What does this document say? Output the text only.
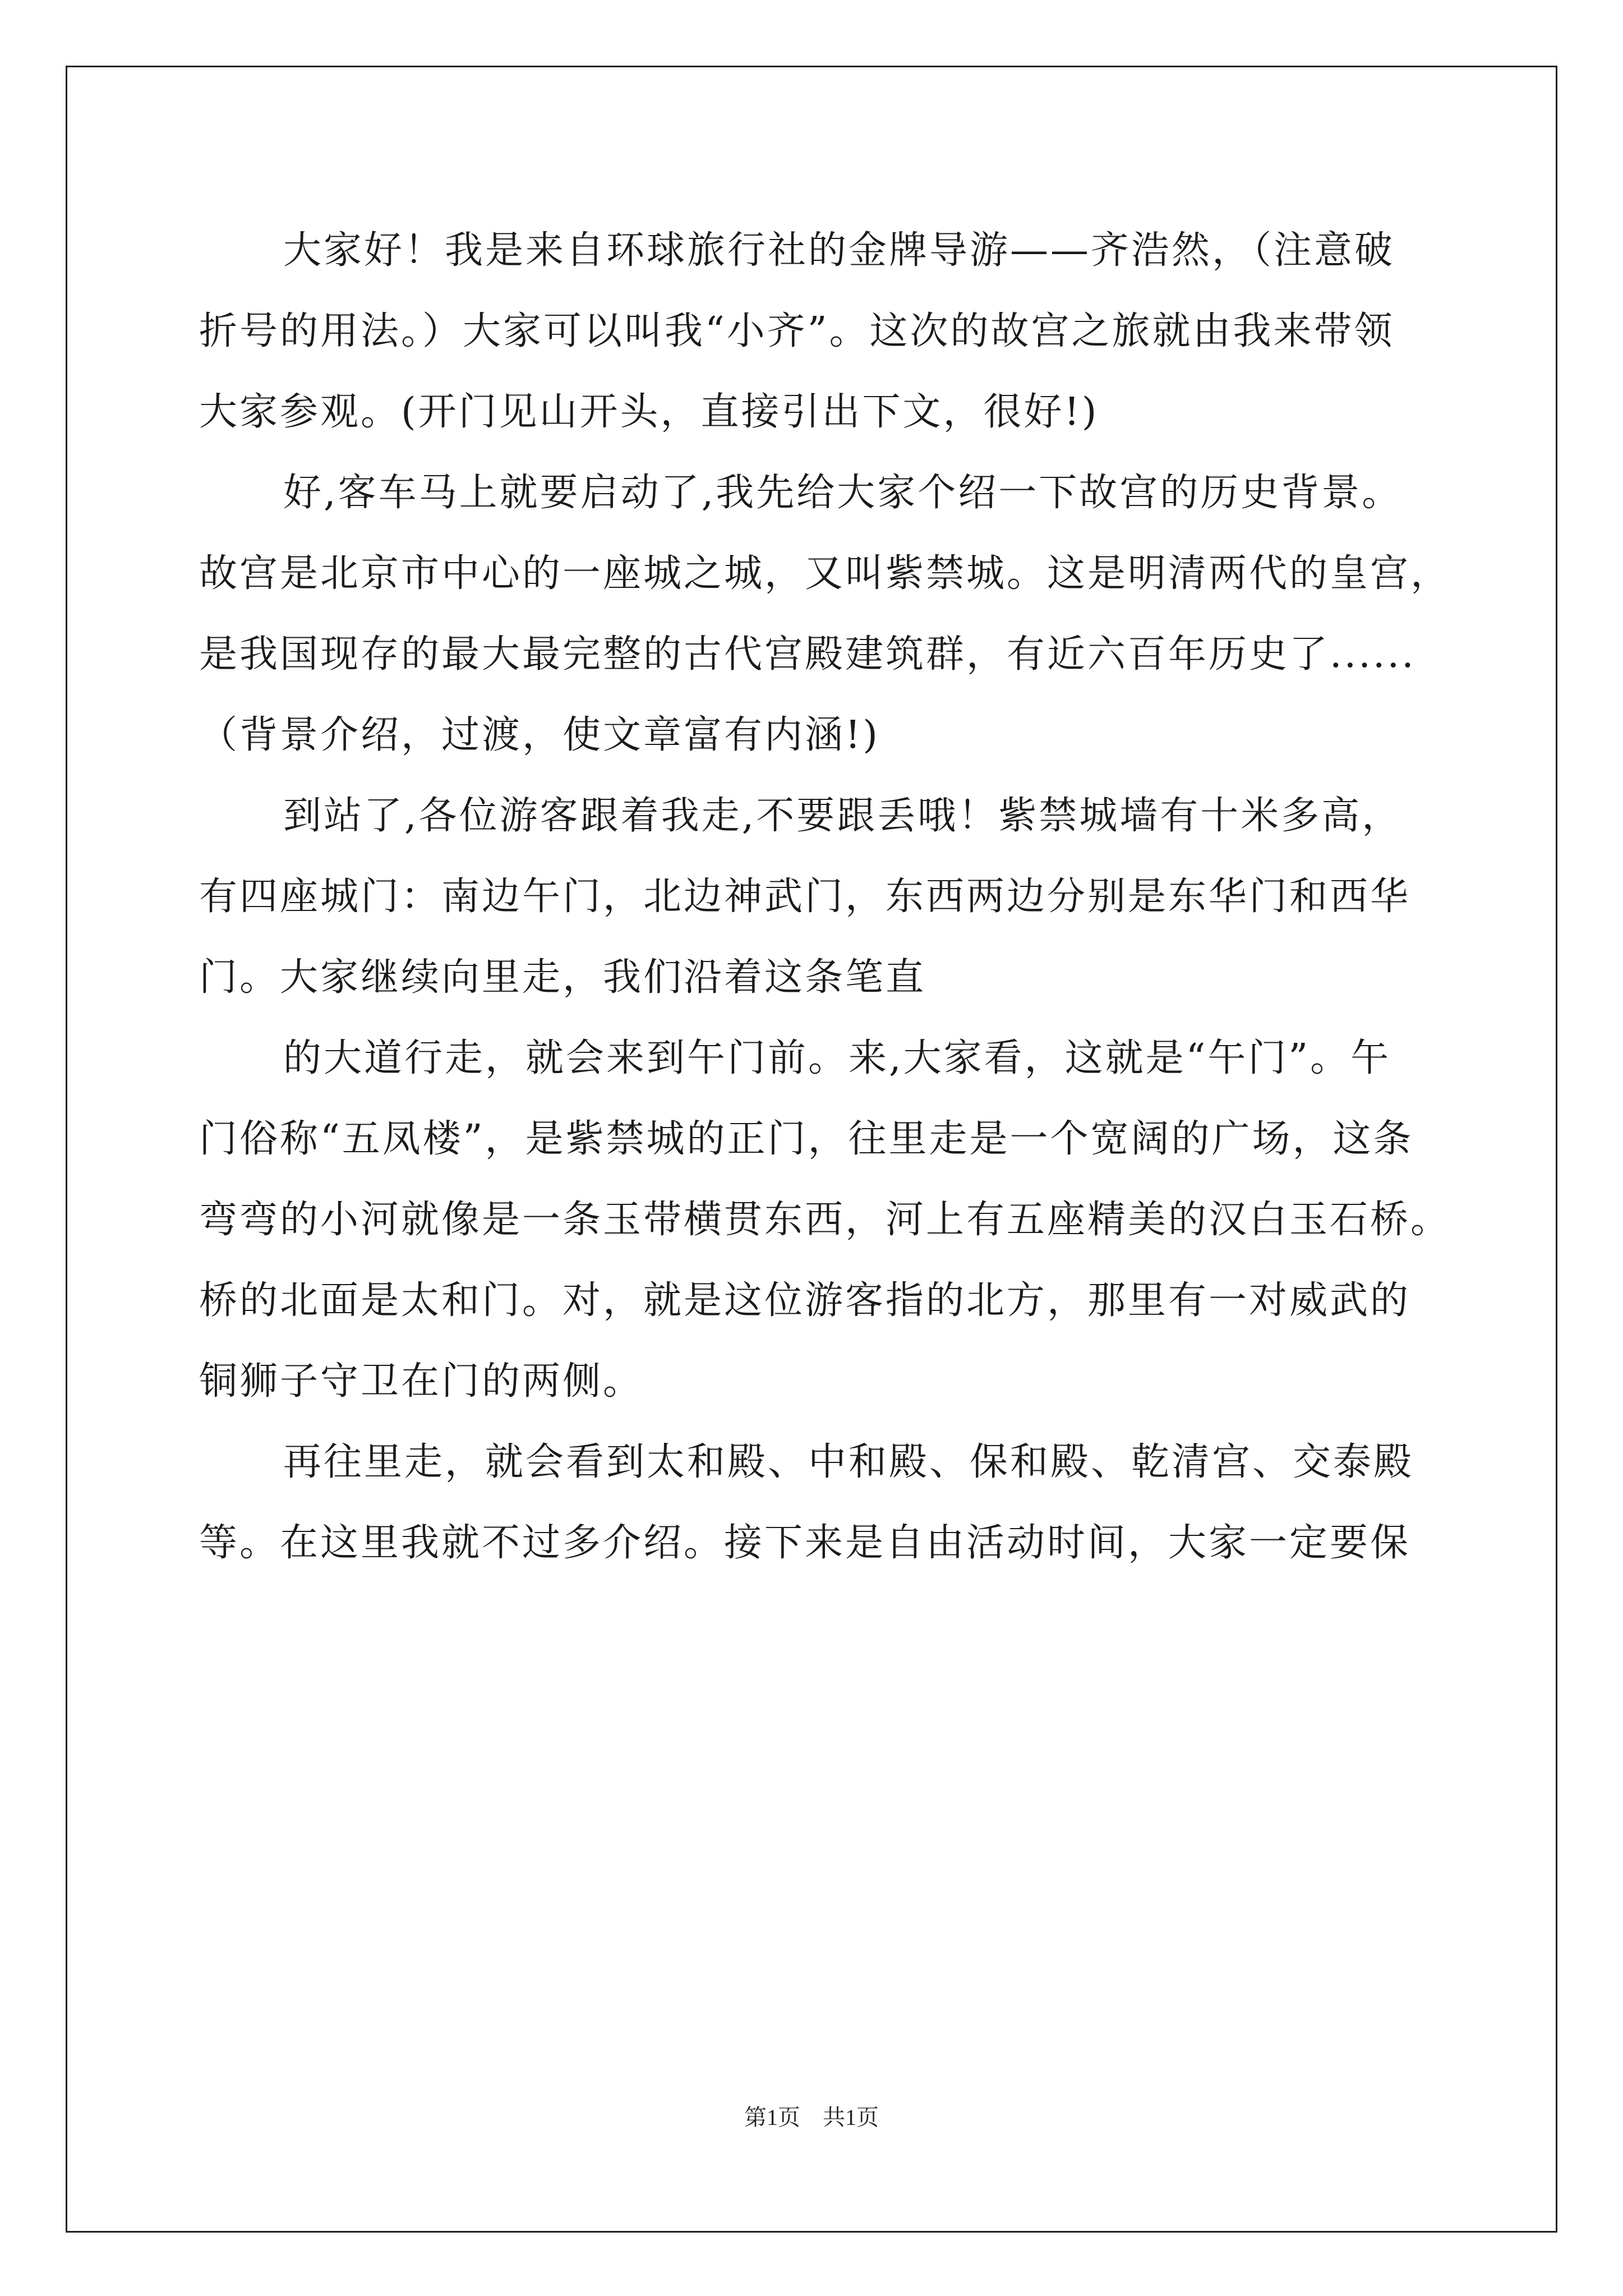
大家好！我是来自环球旅行社的金牌导游——齐浩然，（注意破
折号的用法。）大家可以叫我“小齐”。这次的故宫之旅就由我来带领
大家参观。(开门见山开头，直接引出下文，很好!)
好,客车马上就要启动了,我先给大家个绍一下故宫的历史背景。
故宫是北京市中心的一座城之城，又叫紫禁城。这是明清两代的皇宫，
是我国现存的最大最完整的古代宫殿建筑群，有近六百年历史了......
（背景介绍，过渡，使文章富有内涵!)
到站了,各位游客跟着我走,不要跟丢哦！紫禁城墙有十米多高，
有四座城门：南边午门，北边神武门，东西两边分别是东华门和西华
门。大家继续向里走，我们沿着这条笔直
的大道行走，就会来到午门前。来,大家看，这就是“午门”。午
门俗称“五凤楼”，是紫禁城的正门，往里走是一个宽阔的广场，这条
弯弯的小河就像是一条玉带横贯东西，河上有五座精美的汉白玉石桥。
桥的北面是太和门。对，就是这位游客指的北方，那里有一对威武的
铜狮子守卫在门的两侧。
再往里走，就会看到太和殿、中和殿、保和殿、乾清宫、交泰殿
等。在这里我就不过多介绍。接下来是自由活动时间，大家一定要保
第1页　共1页
